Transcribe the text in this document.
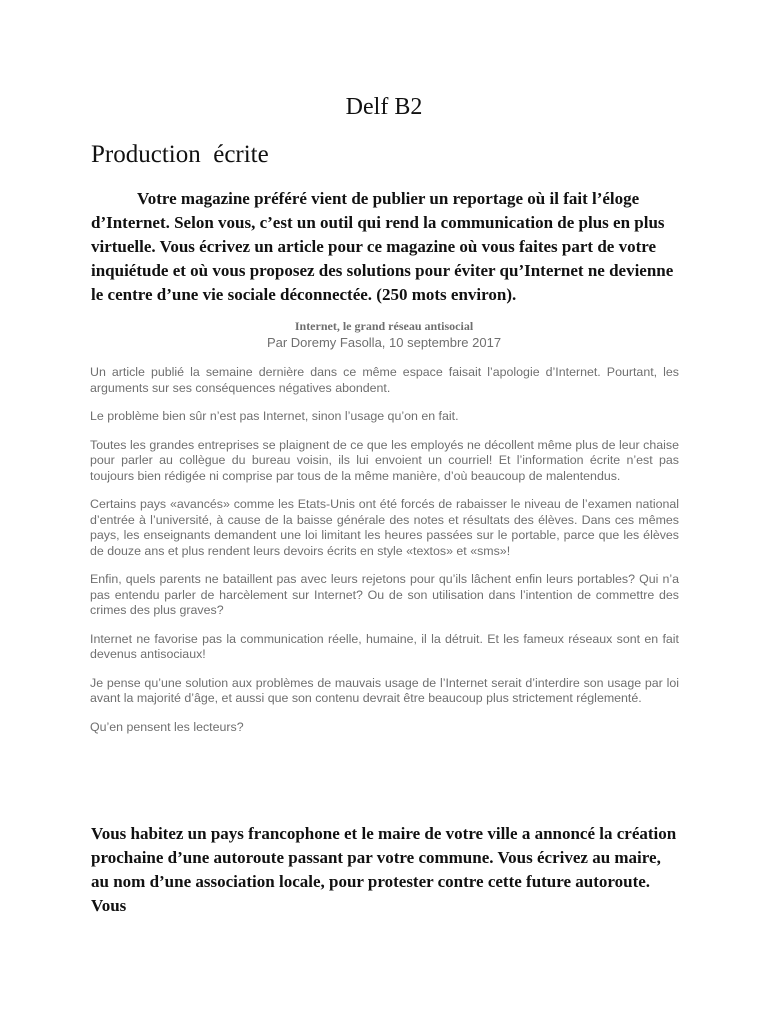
Delf B2
Production  écrite

Votre magazine préféré vient de publier un reportage où il fait l’éloge d’Internet. Selon vous, c’est un outil qui rend la communication de plus en plus virtuelle. Vous écrivez un article pour ce magazine où vous faites part de votre inquiétude et où vous proposez des solutions pour éviter qu’Internet ne devienne le centre d’une vie sociale déconnectée. (250 mots environ).

Internet, le grand réseau antisocial

Par Doremy Fasolla, 10 septembre 2017

Un article publié la semaine dernière dans ce même espace faisait l’apologie d’Internet. Pourtant, les arguments sur ses conséquences négatives abondent.

Le problème bien sûr n’est pas Internet, sinon l’usage qu’on en fait.

Toutes les grandes entreprises se plaignent de ce que les employés ne décollent même plus de leur chaise pour parler au collègue du bureau voisin, ils lui envoient un courriel! Et l’information écrite n’est pas toujours bien rédigée ni comprise par tous de la même manière, d’où beaucoup de malentendus.

Certains pays «avancés» comme les Etats-Unis ont été forcés de rabaisser le niveau de l’examen national d’entrée à l’université, à cause de la baisse générale des notes et résultats des élèves. Dans ces mêmes pays, les enseignants demandent une loi limitant les heures passées sur le portable, parce que les élèves de douze ans et plus rendent leurs devoirs écrits en style «textos» et «sms»!

Enfin, quels parents ne bataillent pas avec leurs rejetons pour qu’ils lâchent enfin leurs portables? Qui n’a pas entendu parler de harcèlement sur Internet? Ou de son utilisation dans l’intention de commettre des crimes des plus graves?

Internet ne favorise pas la communication réelle, humaine, il la détruit. Et les fameux réseaux sont en fait devenus antisociaux!

Je pense qu’une solution aux problèmes de mauvais usage de l’Internet serait d’interdire son usage par loi avant la majorité d’âge, et aussi que son contenu devrait être beaucoup plus strictement réglementé.

Qu’en pensent les lecteurs?

Vous habitez un pays francophone et le maire de votre ville a annoncé la création prochaine d’une autoroute passant par votre commune. Vous écrivez au maire, au nom d’une association locale, pour protester contre cette future autoroute. Vous
